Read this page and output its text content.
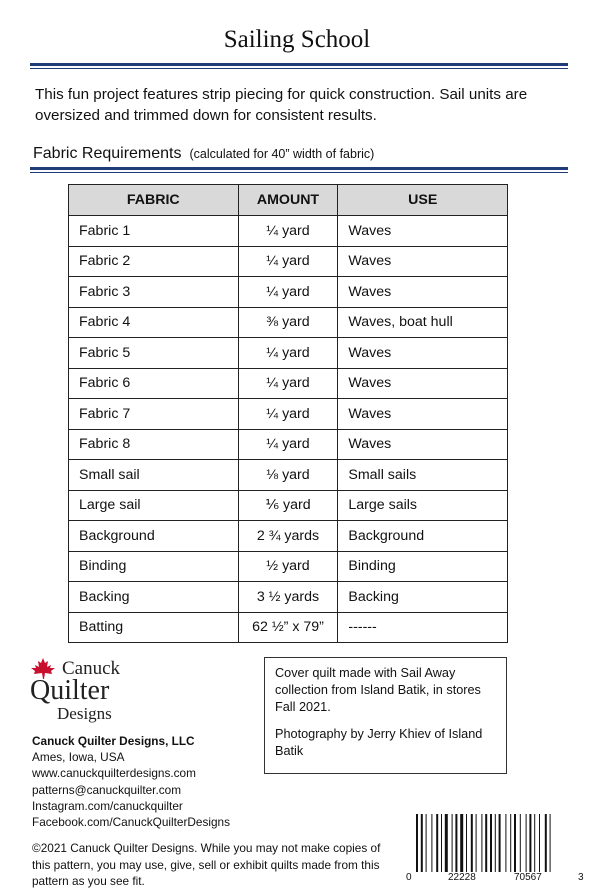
Sailing School
This fun project features strip piecing for quick construction. Sail units are oversized and trimmed down for consistent results.
Fabric Requirements (calculated for 40” width of fabric)
FABRIC	AMOUNT	USE
Fabric 1	¼ yard	Waves
Fabric 2	¼ yard	Waves
Fabric 3	¼ yard	Waves
Fabric 4	⅜ yard	Waves, boat hull
Fabric 5	¼ yard	Waves
Fabric 6	¼ yard	Waves
Fabric 7	¼ yard	Waves
Fabric 8	¼ yard	Waves
Small sail	⅛ yard	Small sails
Large sail	⅙ yard	Large sails
Background	2 ¾ yards	Background
Binding	½ yard	Binding
Backing	3 ½ yards	Backing
Batting	62 ½” x 79”	------
Canuck
Quilter
Designs
Canuck Quilter Designs, LLC
Ames, Iowa, USA
www.canuckquilterdesigns.com
patterns@canuckquilter.com
Instagram.com/canuckquilter
Facebook.com/CanuckQuilterDesigns
©2021 Canuck Quilter Designs. While you may not make copies of this pattern, you may use, give, sell or exhibit quilts made from this pattern as you see fit.

Cover quilt made with Sail Away collection from Island Batik, in stores Fall 2021.

Photography by Jerry Khiev of Island Batik

0	22228	70567	3
